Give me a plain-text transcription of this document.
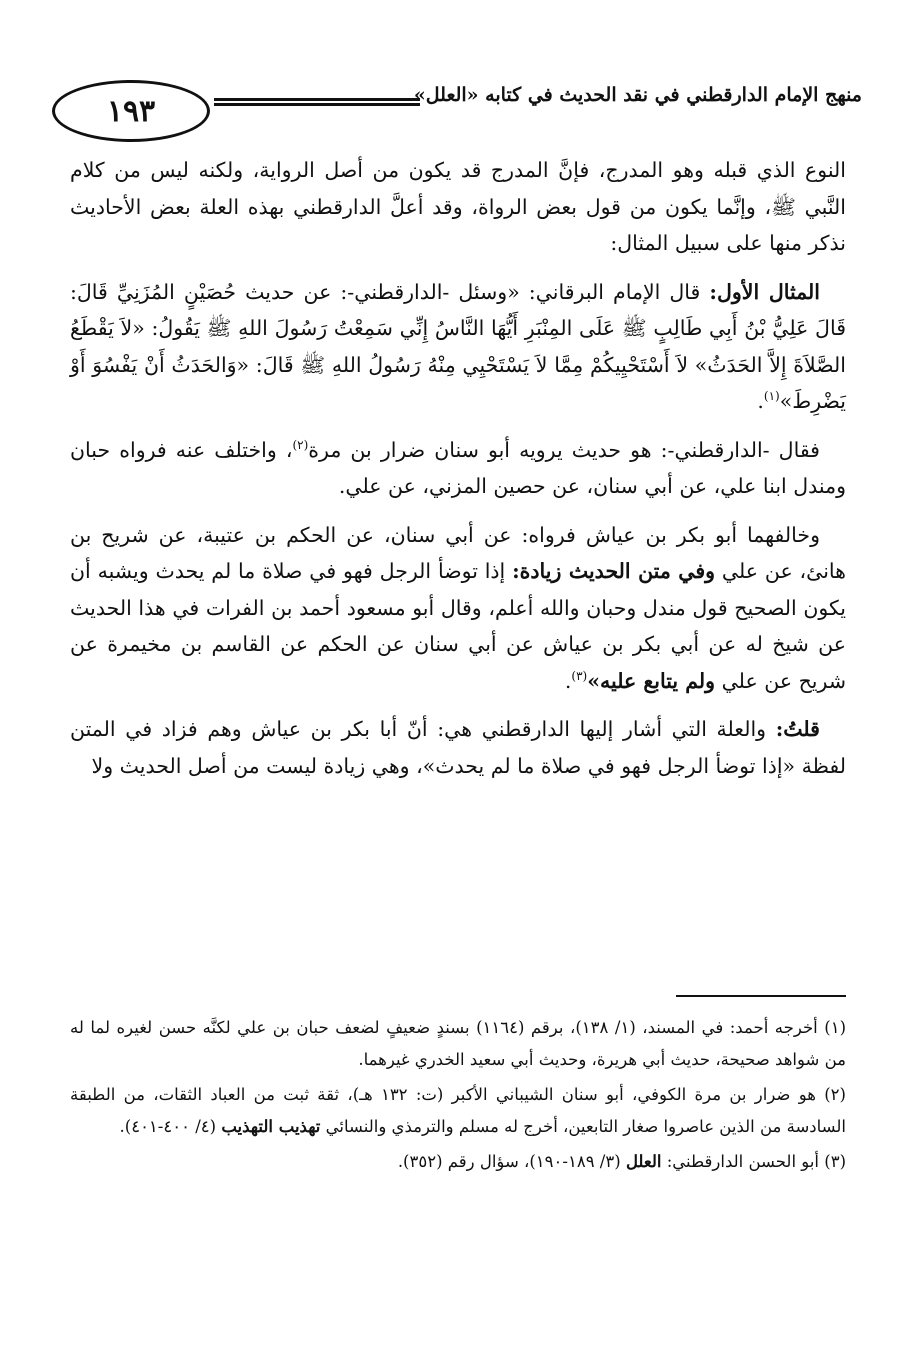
١٩٣	منهج الإمام الدارقطني في نقد الحديث في كتابه «العلل»

النوع الذي قبله وهو المدرج، فإنَّ المدرج قد يكون من أصل الرواية، ولكنه ليس من كلام النَّبي ﷺ، وإنَّما يكون من قول بعض الرواة، وقد أعلَّ الدارقطني بهذه العلة بعض الأحاديث نذكر منها على سبيل المثال:

المثال الأول: قال الإمام البرقاني: «وسئل -الدارقطني-: عن حديث حُصَيْنٍ المُزَنِيِّ قَالَ: قَالَ عَلِيُّ بْنُ أَبِي طَالِبٍ ﷺ عَلَى المِنْبَرِ أَيُّهَا النَّاسُ إِنِّي سَمِعْتُ رَسُولَ اللهِ ﷺ يَقُولُ: «لاَ يَقْطَعُ الصَّلاَةَ إِلاَّ الحَدَثُ» لاَ أَسْتَحْيِيكُمْ مِمَّا لاَ يَسْتَحْيِي مِنْهُ رَسُولُ اللهِ ﷺ قَالَ: «وَالحَدَثُ أَنْ يَفْسُوَ أَوْ يَضْرِطَ»$^{(١)}$.

فقال -الدارقطني-: هو حديث يرويه أبو سنان ضرار بن مرة$^{(٢)}$، واختلف عنه فرواه حبان ومندل ابنا علي، عن أبي سنان، عن حصين المزني، عن علي.

وخالفهما أبو بكر بن عياش فرواه: عن أبي سنان، عن الحكم بن عتيبة، عن شريح بن هانئ، عن علي وفي متن الحديث زيادة: إذا توضأ الرجل فهو في صلاة ما لم يحدث ويشبه أن يكون الصحيح قول مندل وحبان والله أعلم، وقال أبو مسعود أحمد بن الفرات في هذا الحديث عن شيخ له عن أبي بكر بن عياش عن أبي سنان عن الحكم عن القاسم بن مخيمرة عن شريح عن علي ولم يتابع عليه»$^{(٣)}$.

قلتُ: والعلة التي أشار إليها الدارقطني هي: أنّ أبا بكر بن عياش وهم فزاد في المتن لفظة «إذا توضأ الرجل فهو في صلاة ما لم يحدث»، وهي زيادة ليست من أصل الحديث ولا

(١) أخرجه أحمد: في المسند، (١/ ١٣٨)، برقم (١١٦٤) بسندٍ ضعيفٍ لضعف حبان بن علي لكنَّه حسن لغيره لما له من شواهد صحيحة، حديث أبي هريرة، وحديث أبي سعيد الخدري غيرهما.

(٢) هو ضرار بن مرة الكوفي، أبو سنان الشيباني الأكبر (ت: ١٣٢ هـ)، ثقة ثبت من العباد الثقات، من الطبقة السادسة من الذين عاصروا صغار التابعين، أخرج له مسلم والترمذي والنسائي تهذيب التهذيب (٤/ ٤٠٠-٤٠١).

(٣) أبو الحسن الدارقطني: العلل (٣/ ١٨٩-١٩٠)، سؤال رقم (٣٥٢).
